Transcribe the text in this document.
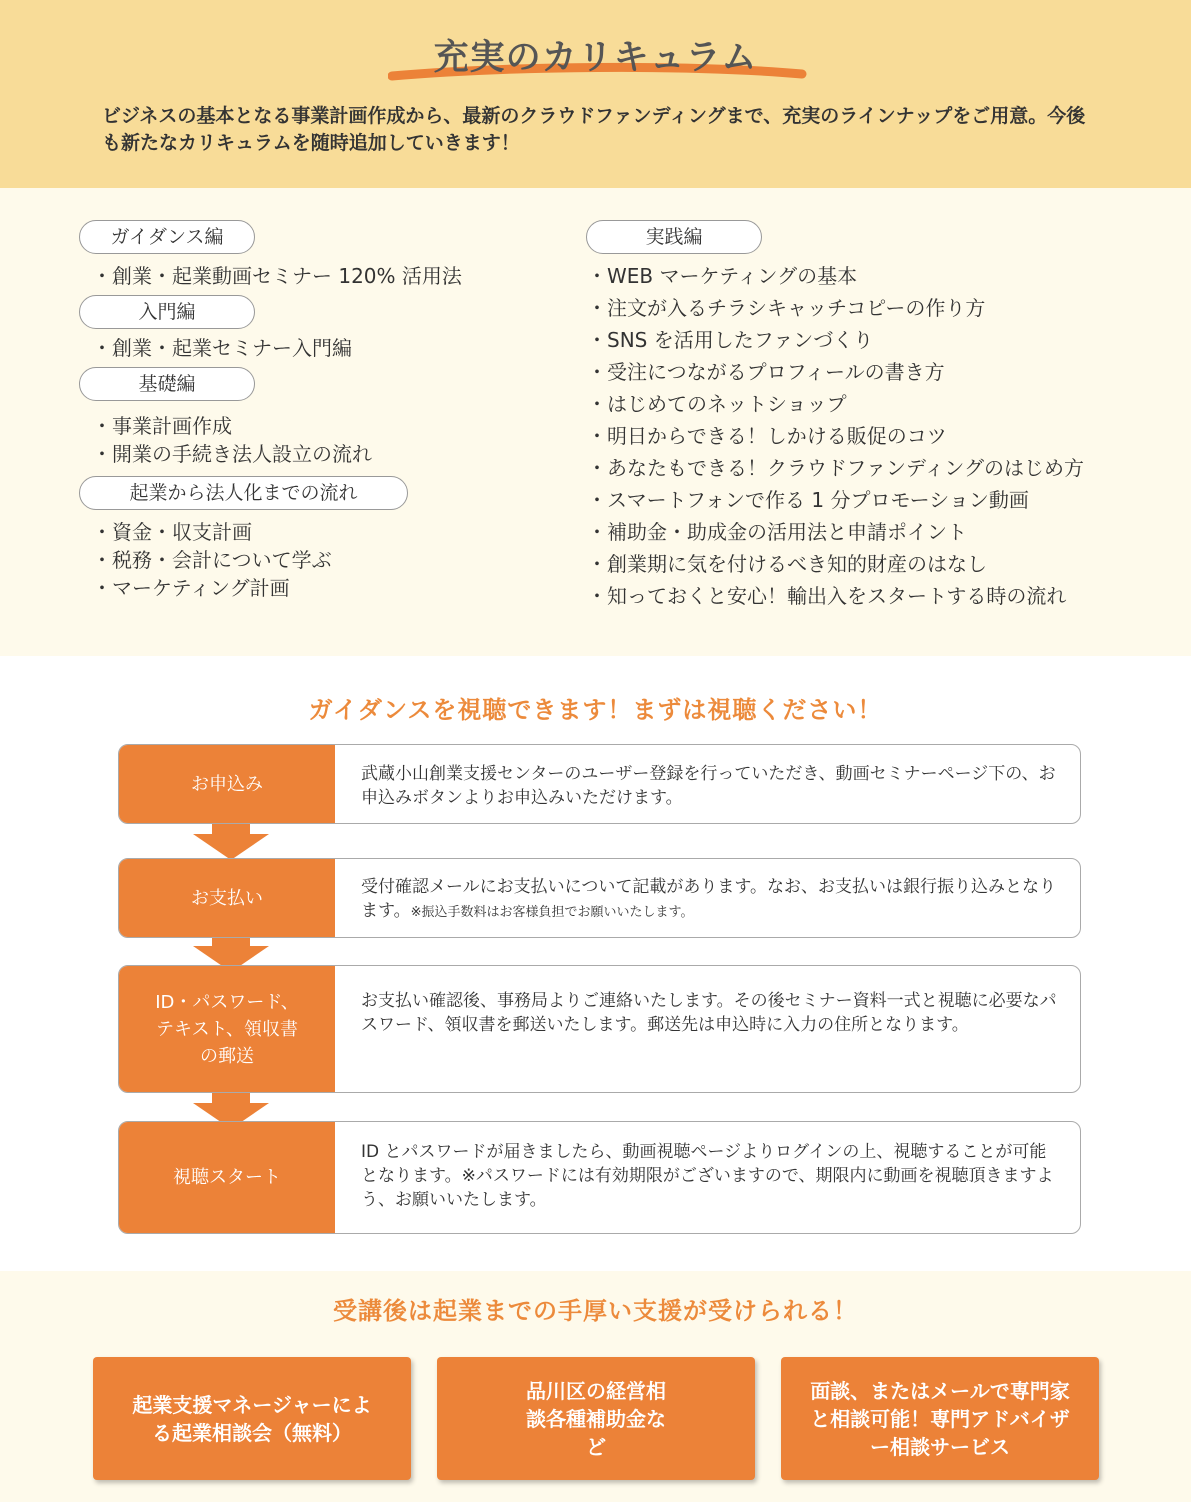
充実のカリキュラム
ビジネスの基本となる事業計画作成から、最新のクラウドファンディングまで、充実のラインナップをご用意。今後も新たなカリキュラムを随時追加していきます！
ガイダンス編
・創業・起業動画セミナー 120% 活用法
入門編
・創業・起業セミナー入門編
基礎編
・事業計画作成
・開業の手続き法人設立の流れ
起業から法人化までの流れ
・資金・収支計画
・税務・会計について学ぶ
・マーケティング計画
実践編
・WEB マーケティングの基本
・注文が入るチラシキャッチコピーの作り方
・SNS を活用したファンづくり
・受注につながるプロフィールの書き方
・はじめてのネットショップ
・明日からできる！しかける販促のコツ
・あなたもできる！クラウドファンディングのはじめ方
・スマートフォンで作る 1 分プロモーション動画
・補助金・助成金の活用法と申請ポイント
・創業期に気を付けるべき知的財産のはなし
・知っておくと安心！輸出入をスタートする時の流れ
ガイダンスを視聴できます！まずは視聴ください！
お申込み	武蔵小山創業支援センターのユーザー登録を行っていただき、動画セミナーページ下の、お申込みボタンよりお申込みいただけます。
お支払い
受付確認メールにお支払いについて記載があります。なお、お支払いは銀行振り込みとなります。※振込手数料はお客様負担でお願いいたします。
ID・パスワード、テキスト、領収書の郵送
お支払い確認後、事務局よりご連絡いたします。その後セミナー資料一式と視聴に必要なパスワード、領収書を郵送いたします。郵送先は申込時に入力の住所となります。
視聴スタート
ID とパスワードが届きましたら、動画視聴ページよりログインの上、視聴することが可能となります。※パスワードには有効期限がございますので、期限内に動画を視聴頂きますよう、お願いいたします。
受講後は起業までの手厚い支援が受けられる！
起業支援マネージャーによる起業相談会（無料）
品川区の経営相談各種補助金など
面談、またはメールで専門家と相談可能！専門アドバイザー相談サービス
